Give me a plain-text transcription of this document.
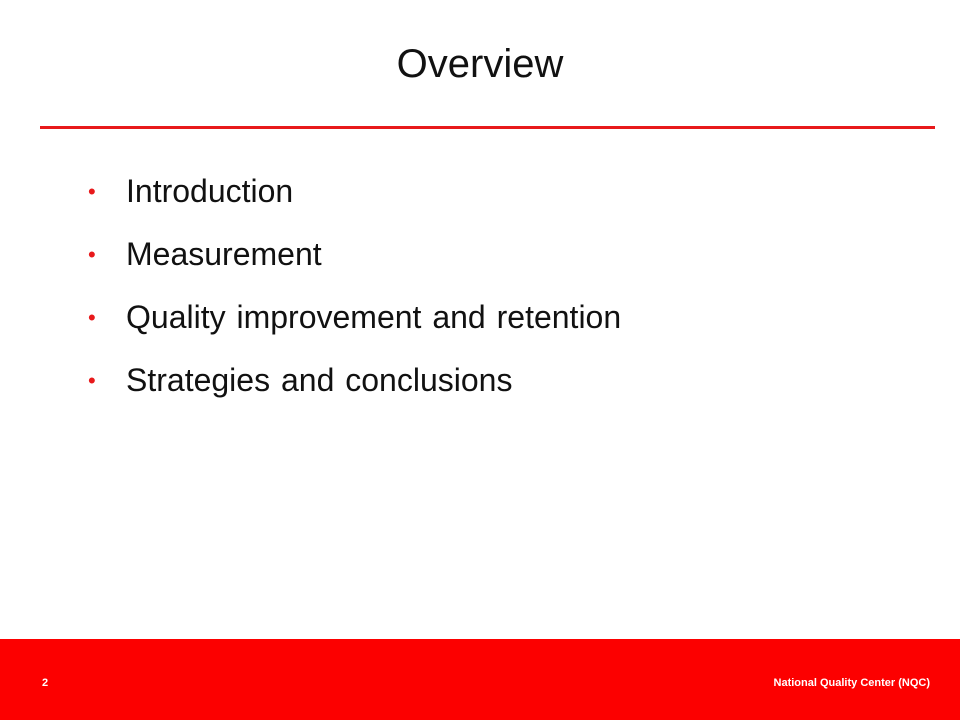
Overview
• Introduction
• Measurement
• Quality improvement and retention
• Strategies and conclusions
2	National Quality Center (NQC)
